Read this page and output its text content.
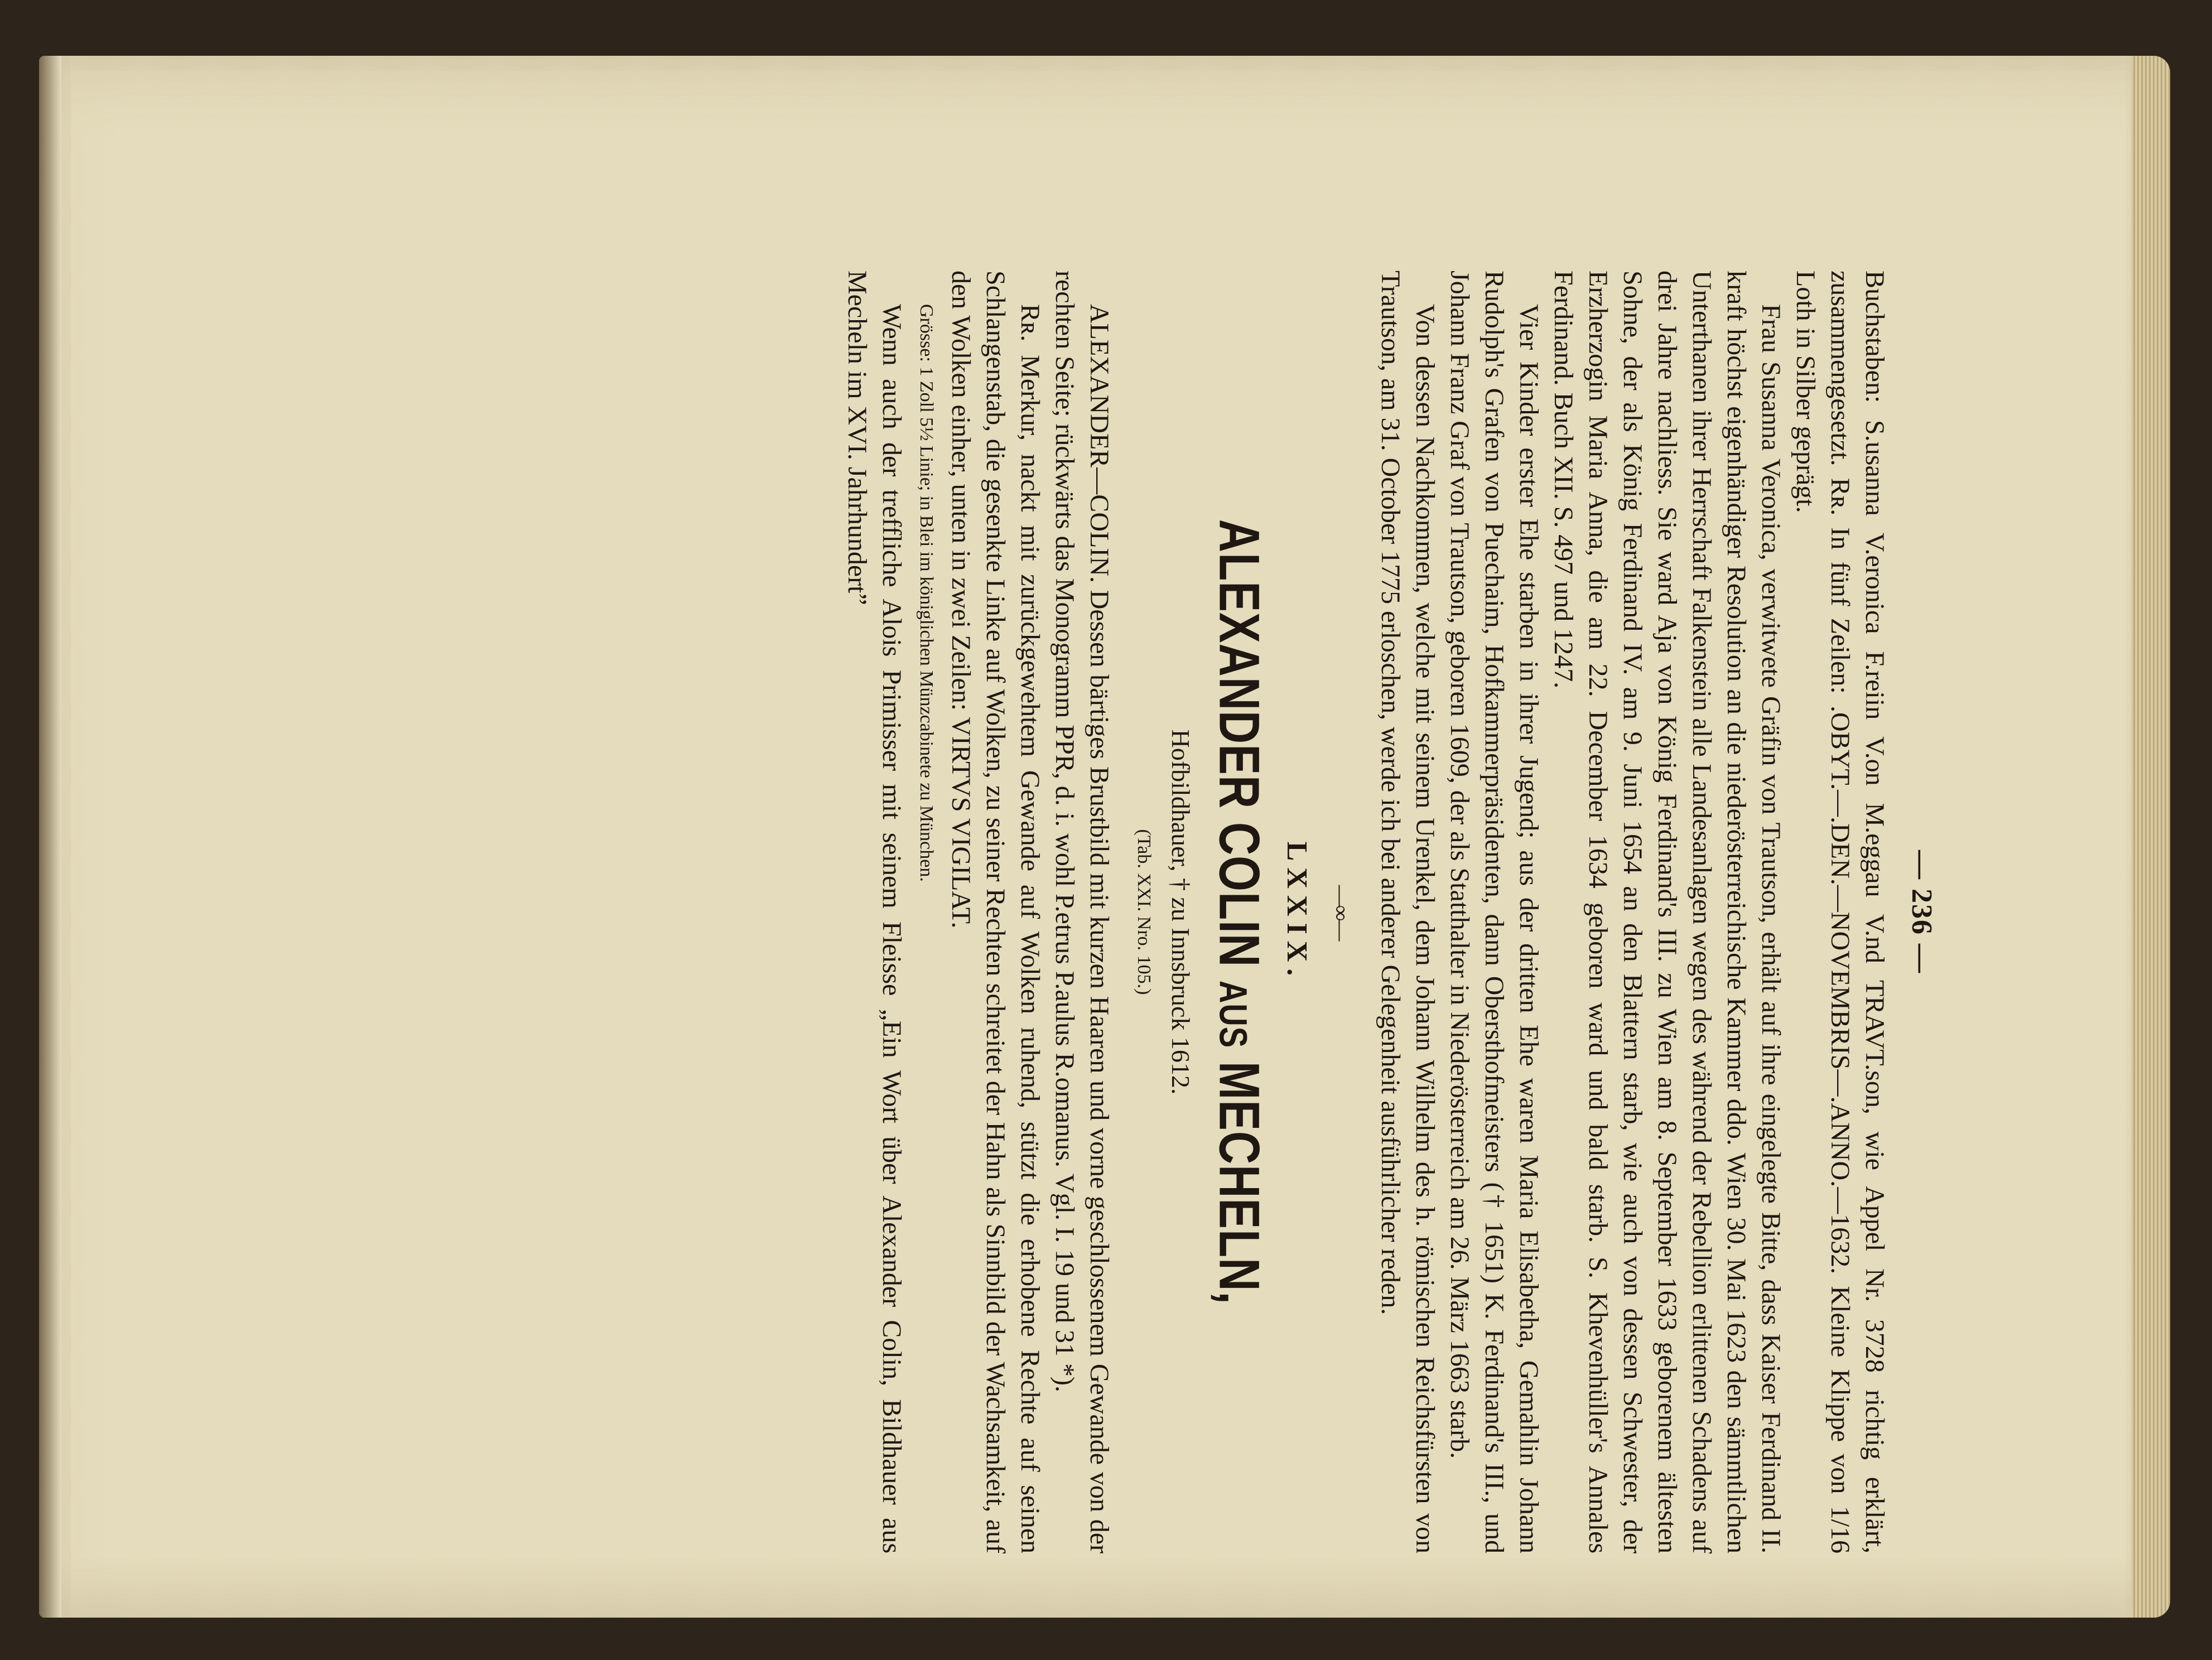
— 236 —

Buchstaben: S.usanna V.eronica F.reiin V.on M.eggau V.nd TRAVT.son, wie Appel Nr. 3728 richtig erklärt, zusammengesetzt. Rʀ. In fünf Zeilen: .OBYT.—.DEN.—NOVEMBRIS—.ANNO.—1632. Kleine Klippe von 1/16 Loth in Silber geprägt.

Frau Susanna Veronica, verwitwete Gräfin von Trautson, erhält auf ihre eingelegte Bitte, dass Kaiser Ferdinand II. kraft höchst eigenhändiger Resolution an die niederösterreichische Kammer ddo. Wien 30. Mai 1623 den sämmtlichen Unterthanen ihrer Herrschaft Falkenstein alle Landesanlagen wegen des während der Rebellion erlittenen Schadens auf drei Jahre nachliess. Sie ward Aja von König Ferdinand's III. zu Wien am 8. September 1633 geborenem ältesten Sohne, der als König Ferdinand IV. am 9. Juni 1654 an den Blattern starb, wie auch von dessen Schwester, der Erzherzogin Maria Anna, die am 22. December 1634 geboren ward und bald starb. S. Khevenhüller's Annales Ferdinand. Buch XII. S. 497 und 1247.

Vier Kinder erster Ehe starben in ihrer Jugend; aus der dritten Ehe waren Maria Elisabetha, Gemahlin Johann Rudolph's Grafen von Puechaim, Hofkammerpräsidenten, dann Obersthofmeisters († 1651) K. Ferdinand's III., und Johann Franz Graf von Trautson, geboren 1609, der als Statthalter in Niederösterreich am 26. März 1663 starb.

Von dessen Nachkommen, welche mit seinem Urenkel, dem Johann Wilhelm des h. römischen Reichsfürsten von Trautson, am 31. October 1775 erloschen, werde ich bei anderer Gelegenheit ausführlicher reden.

—∞—
LXXIX.
ALEXANDER COLIN AUS MECHELN,
Hofbildhauer, † zu Innsbruck 1612.
(Tab. XXI. Nro. 105.)

ALEXANDER—COLIN. Dessen bärtiges Brustbild mit kurzen Haaren und vorne geschlossenem Gewande von der rechten Seite; rückwärts das Monogramm PPR, d. i. wohl P.etrus P.aulus R.omanus. Vgl. I. 19 und 31 *).

Rʀ. Merkur, nackt mit zurückgewehtem Gewande auf Wolken ruhend, stützt die erhobene Rechte auf seinen Schlangenstab, die gesenkte Linke auf Wolken, zu seiner Rechten schreitet der Hahn als Sinnbild der Wachsamkeit, auf den Wolken einher, unten in zwei Zeilen: VIRTVS VIGILAT.

Grösse: 1 Zoll 5½ Linie; in Blei im königlichen Münzcabinete zu München.

Wenn auch der treffliche Alois Primisser mit seinem Fleisse „Ein Wort über Alexander Colin, Bildhauer aus Mecheln im XVI. Jahrhundert”
